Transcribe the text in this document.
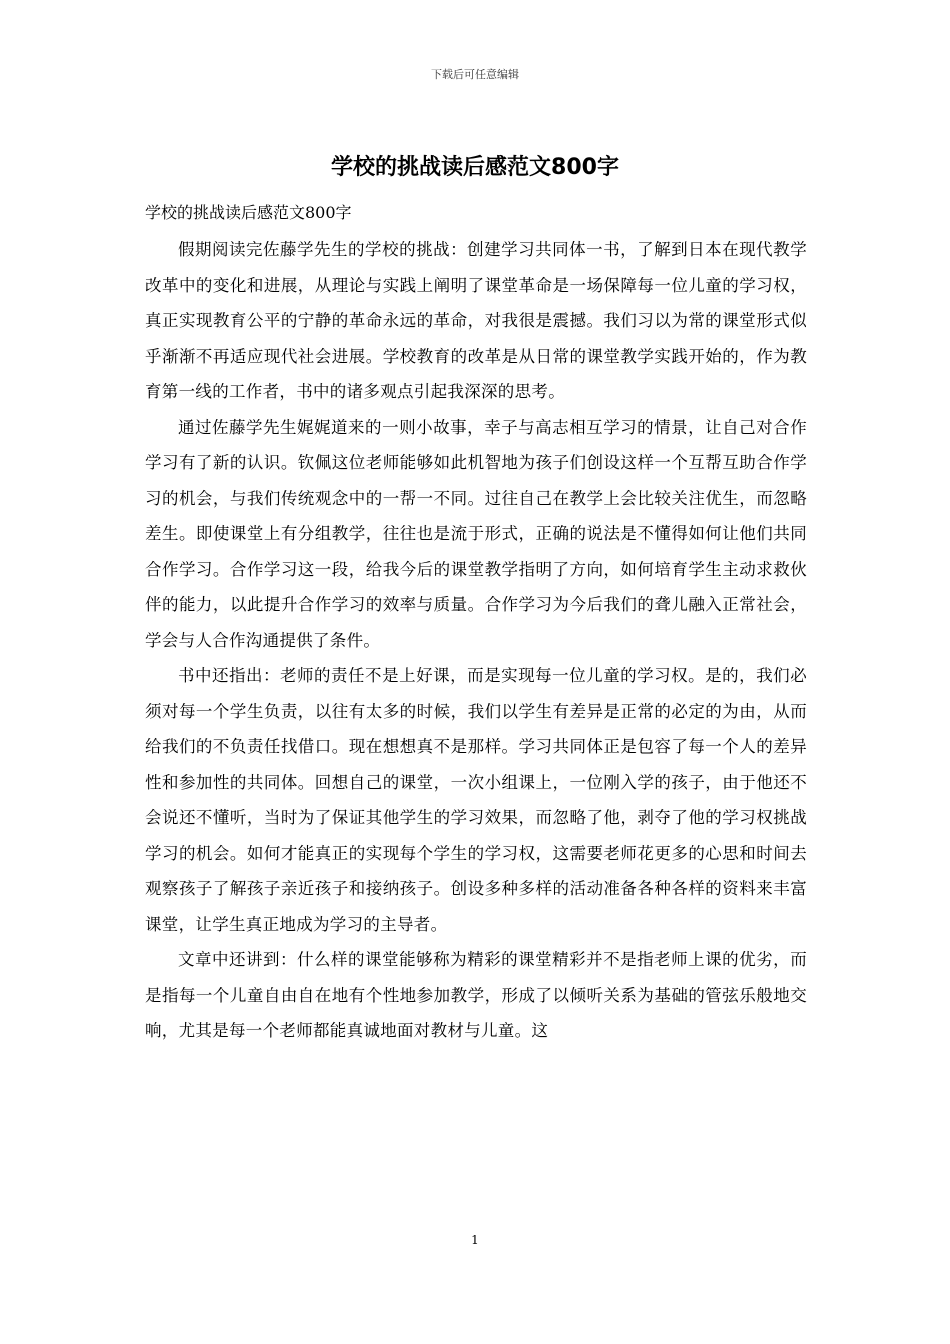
下载后可任意编辑
学校的挑战读后感范文800字
学校的挑战读后感范文800字

假期阅读完佐藤学先生的学校的挑战：创建学习共同体一书，了解到日本在现代教学改革中的变化和进展，从理论与实践上阐明了课堂革命是一场保障每一位儿童的学习权，真正实现教育公平的宁静的革命永远的革命，对我很是震撼。我们习以为常的课堂形式似乎渐渐不再适应现代社会进展。学校教育的改革是从日常的课堂教学实践开始的，作为教育第一线的工作者，书中的诸多观点引起我深深的思考。

通过佐藤学先生娓娓道来的一则小故事，幸子与高志相互学习的情景，让自己对合作学习有了新的认识。钦佩这位老师能够如此机智地为孩子们创设这样一个互帮互助合作学习的机会，与我们传统观念中的一帮一不同。过往自己在教学上会比较关注优生，而忽略差生。即使课堂上有分组教学，往往也是流于形式，正确的说法是不懂得如何让他们共同合作学习。合作学习这一段，给我今后的课堂教学指明了方向，如何培育学生主动求救伙伴的能力，以此提升合作学习的效率与质量。合作学习为今后我们的聋儿融入正常社会，学会与人合作沟通提供了条件。

书中还指出：老师的责任不是上好课，而是实现每一位儿童的学习权。是的，我们必须对每一个学生负责，以往有太多的时候，我们以学生有差异是正常的必定的为由，从而给我们的不负责任找借口。现在想想真不是那样。学习共同体正是包容了每一个人的差异性和参加性的共同体。回想自己的课堂，一次小组课上，一位刚入学的孩子，由于他还不会说还不懂听，当时为了保证其他学生的学习效果，而忽略了他，剥夺了他的学习权挑战学习的机会。如何才能真正的实现每个学生的学习权，这需要老师花更多的心思和时间去观察孩子了解孩子亲近孩子和接纳孩子。创设多种多样的活动准备各种各样的资料来丰富课堂，让学生真正地成为学习的主导者。

文章中还讲到：什么样的课堂能够称为精彩的课堂精彩并不是指老师上课的优劣，而是指每一个儿童自由自在地有个性地参加教学，形成了以倾听关系为基础的管弦乐般地交响，尤其是每一个老师都能真诚地面对教材与儿童。这

1
